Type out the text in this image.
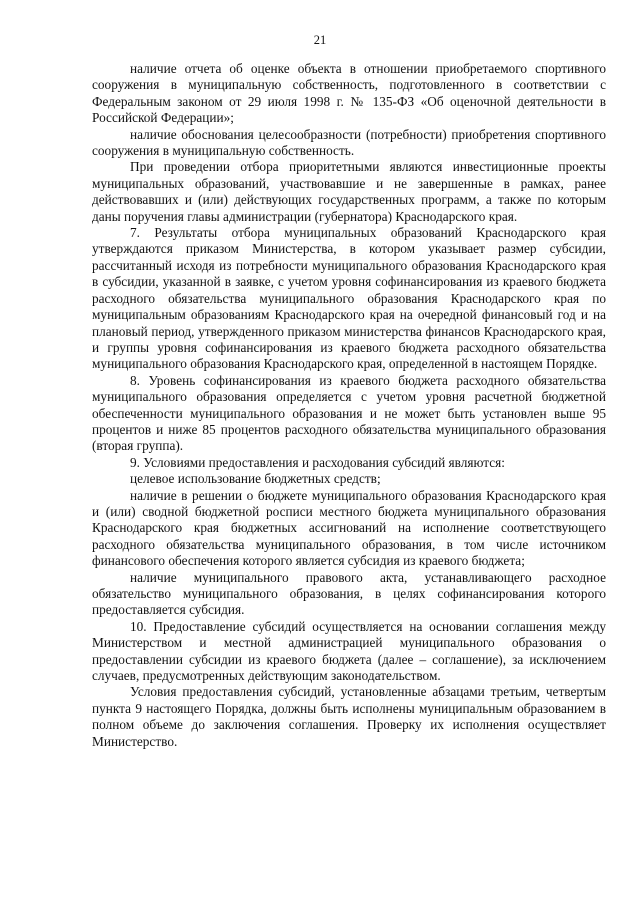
21

наличие отчета об оценке объекта в отношении приобретаемого спортивного сооружения в муниципальную собственность, подготовленного в соответствии с Федеральным законом от 29 июля 1998 г. № 135-ФЗ «Об оценочной деятельности в Российской Федерации»;

наличие обоснования целесообразности (потребности) приобретения спортивного сооружения в муниципальную собственность.

При проведении отбора приоритетными являются инвестиционные проекты муниципальных образований, участвовавшие и не завершенные в рамках, ранее действовавших и (или) действующих государственных программ, а также по которым даны поручения главы администрации (губернатора) Краснодарского края.

7. Результаты отбора муниципальных образований Краснодарского края утверждаются приказом Министерства, в котором указывает размер субсидии, рассчитанный исходя из потребности муниципального образования Краснодарского края в субсидии, указанной в заявке, с учетом уровня софинансирования из краевого бюджета расходного обязательства муниципального образования Краснодарского края по муниципальным образованиям Краснодарского края на очередной финансовый год и на плановый период, утвержденного приказом министерства финансов Краснодарского края, и группы уровня софинансирования из краевого бюджета расходного обязательства муниципального образования Краснодарского края, определенной в настоящем Порядке.

8. Уровень софинансирования из краевого бюджета расходного обязательства муниципального образования определяется с учетом уровня расчетной бюджетной обеспеченности муниципального образования и не может быть установлен выше 95 процентов и ниже 85 процентов расходного обязательства муниципального образования (вторая группа).

9. Условиями предоставления и расходования субсидий являются:

целевое использование бюджетных средств;

наличие в решении о бюджете муниципального образования Краснодарского края и (или) сводной бюджетной росписи местного бюджета муниципального образования Краснодарского края бюджетных ассигнований на исполнение соответствующего расходного обязательства муниципального образования, в том числе источником финансового обеспечения которого является субсидия из краевого бюджета;

наличие муниципального правового акта, устанавливающего расходное обязательство муниципального образования, в целях софинансирования которого предоставляется субсидия.

10. Предоставление субсидий осуществляется на основании соглашения между Министерством и местной администрацией муниципального образования о предоставлении субсидии из краевого бюджета (далее – соглашение), за исключением случаев, предусмотренных действующим законодательством.

Условия предоставления субсидий, установленные абзацами третьим, четвертым пункта 9 настоящего Порядка, должны быть исполнены муниципальным образованием в полном объеме до заключения соглашения. Проверку их исполнения осуществляет Министерство.
